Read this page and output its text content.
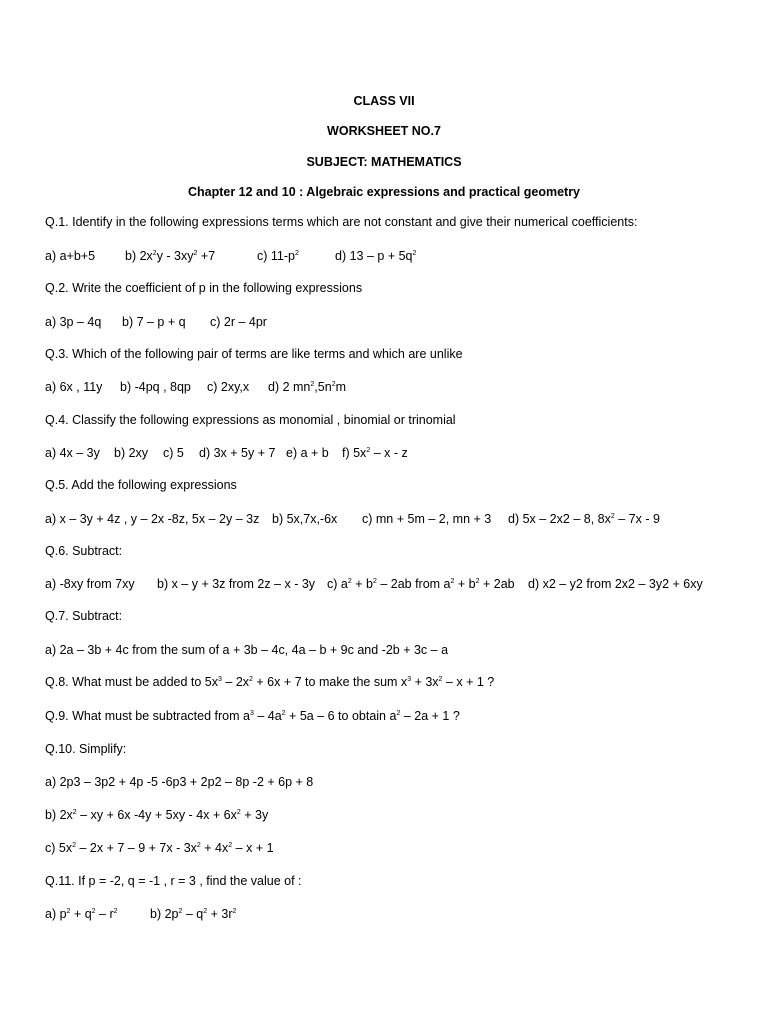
CLASS VII
WORKSHEET NO.7
SUBJECT: MATHEMATICS
Chapter 12 and 10 : Algebraic expressions and practical geometry
Q.1. Identify in the following expressions terms which are not constant and give their numerical coefficients:
a) a+b+5 b) $2x^2y - 3xy^2 +7$	c) $11-p^2$	d) $13 - p + 5q^2$
Q.2. Write the coefficient of p in the following expressions
a) 3p – 4q b) 7 – p + q c) 2r – 4pr
Q.3. Which of the following pair of terms are like terms and which are unlike
a) 6x , 11y b) -4pq , 8qp c) 2xy,x d) 2 $mn^2,5n^2m$
Q.4. Classify the following expressions as monomial , binomial or trinomial
a) 4x – 3y b) 2xy c) 5 d) 3x + 5y + 7 e) a + b f) $5x^2$ – x - z
Q.5. Add the following expressions
a) x – 3y + 4z , y – 2x -8z, 5x – 2y – 3z b) 5x,7x,-6x c) mn + 5m – 2, mn + 3 d) 5x – 2x2 – 8, $8x^2 - 7x - 9$
Q.6. Subtract:
a) -8xy from 7xy b) x – y + 3z from 2z – x - 3y c) $a^2 + b^2 - 2ab$ from $a^2 + b^2 + 2ab$ d) x2 – y2 from 2x2 – 3y2 + 6xy
Q.7. Subtract:
a) 2a – 3b + 4c from the sum of a + 3b – 4c, 4a – b + 9c and -2b + 3c – a
Q.8. What must be added to $5x^3 - 2x^2 + 6x + 7$ to make the sum $x^3 + 3x^2 - x + 1$ ?
Q.9. What must be subtracted from $a^3 - 4a^2 + 5a - 6$ to obtain $a^2 - 2a + 1$ ?
Q.10. Simplify:
a) 2p3 – 3p2 + 4p -5 -6p3 + 2p2 – 8p -2 + 6p + 8
b) $2x^2$ – xy + 6x $-4y + 5xy - 4x + 6x^2 + 3y$
c) $5x^2 - 2x + 7 - 9 + 7x - 3x^2 + 4x^2 - x + 1$
Q.11. If p = -2, q = -1 , r = 3 , find the value of :
a) $p^2 + q^2 - r^2$	b) $2p^2 - q^2 + 3r^2$
